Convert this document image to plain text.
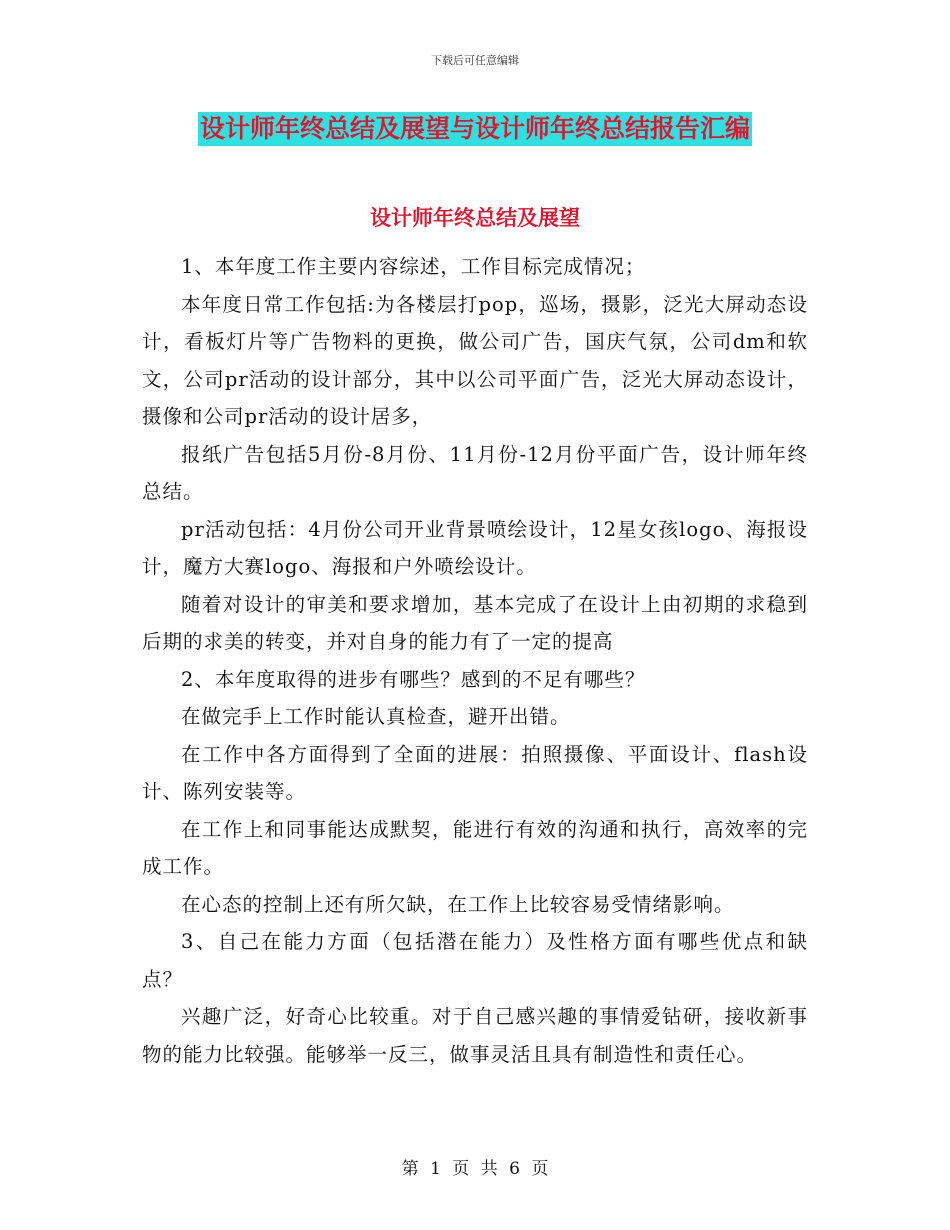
下载后可任意编辑
设计师年终总结及展望与设计师年终总结报告汇编
设计师年终总结及展望

1、本年度工作主要内容综述，工作目标完成情况；

本年度日常工作包括:为各楼层打pop，巡场，摄影，泛光大屏动态设计，看板灯片等广告物料的更换，做公司广告，国庆气氛，公司dm和软文，公司pr活动的设计部分，其中以公司平面广告，泛光大屏动态设计，摄像和公司pr活动的设计居多，

报纸广告包括5月份-8月份、11月份-12月份平面广告，设计师年终总结。

pr活动包括：4月份公司开业背景喷绘设计，12星女孩logo、海报设计，魔方大赛logo、海报和户外喷绘设计。

随着对设计的审美和要求增加，基本完成了在设计上由初期的求稳到后期的求美的转变，并对自身的能力有了一定的提高

2、本年度取得的进步有哪些？感到的不足有哪些？

在做完手上工作时能认真检查，避开出错。

在工作中各方面得到了全面的进展：拍照摄像、平面设计、flash设计、陈列安装等。

在工作上和同事能达成默契，能进行有效的沟通和执行，高效率的完成工作。

在心态的控制上还有所欠缺，在工作上比较容易受情绪影响。

3、自己在能力方面（包括潜在能力）及性格方面有哪些优点和缺点？

兴趣广泛，好奇心比较重。对于自己感兴趣的事情爱钻研，接收新事物的能力比较强。能够举一反三，做事灵活且具有制造性和责任心。

第 1 页 共 6 页
